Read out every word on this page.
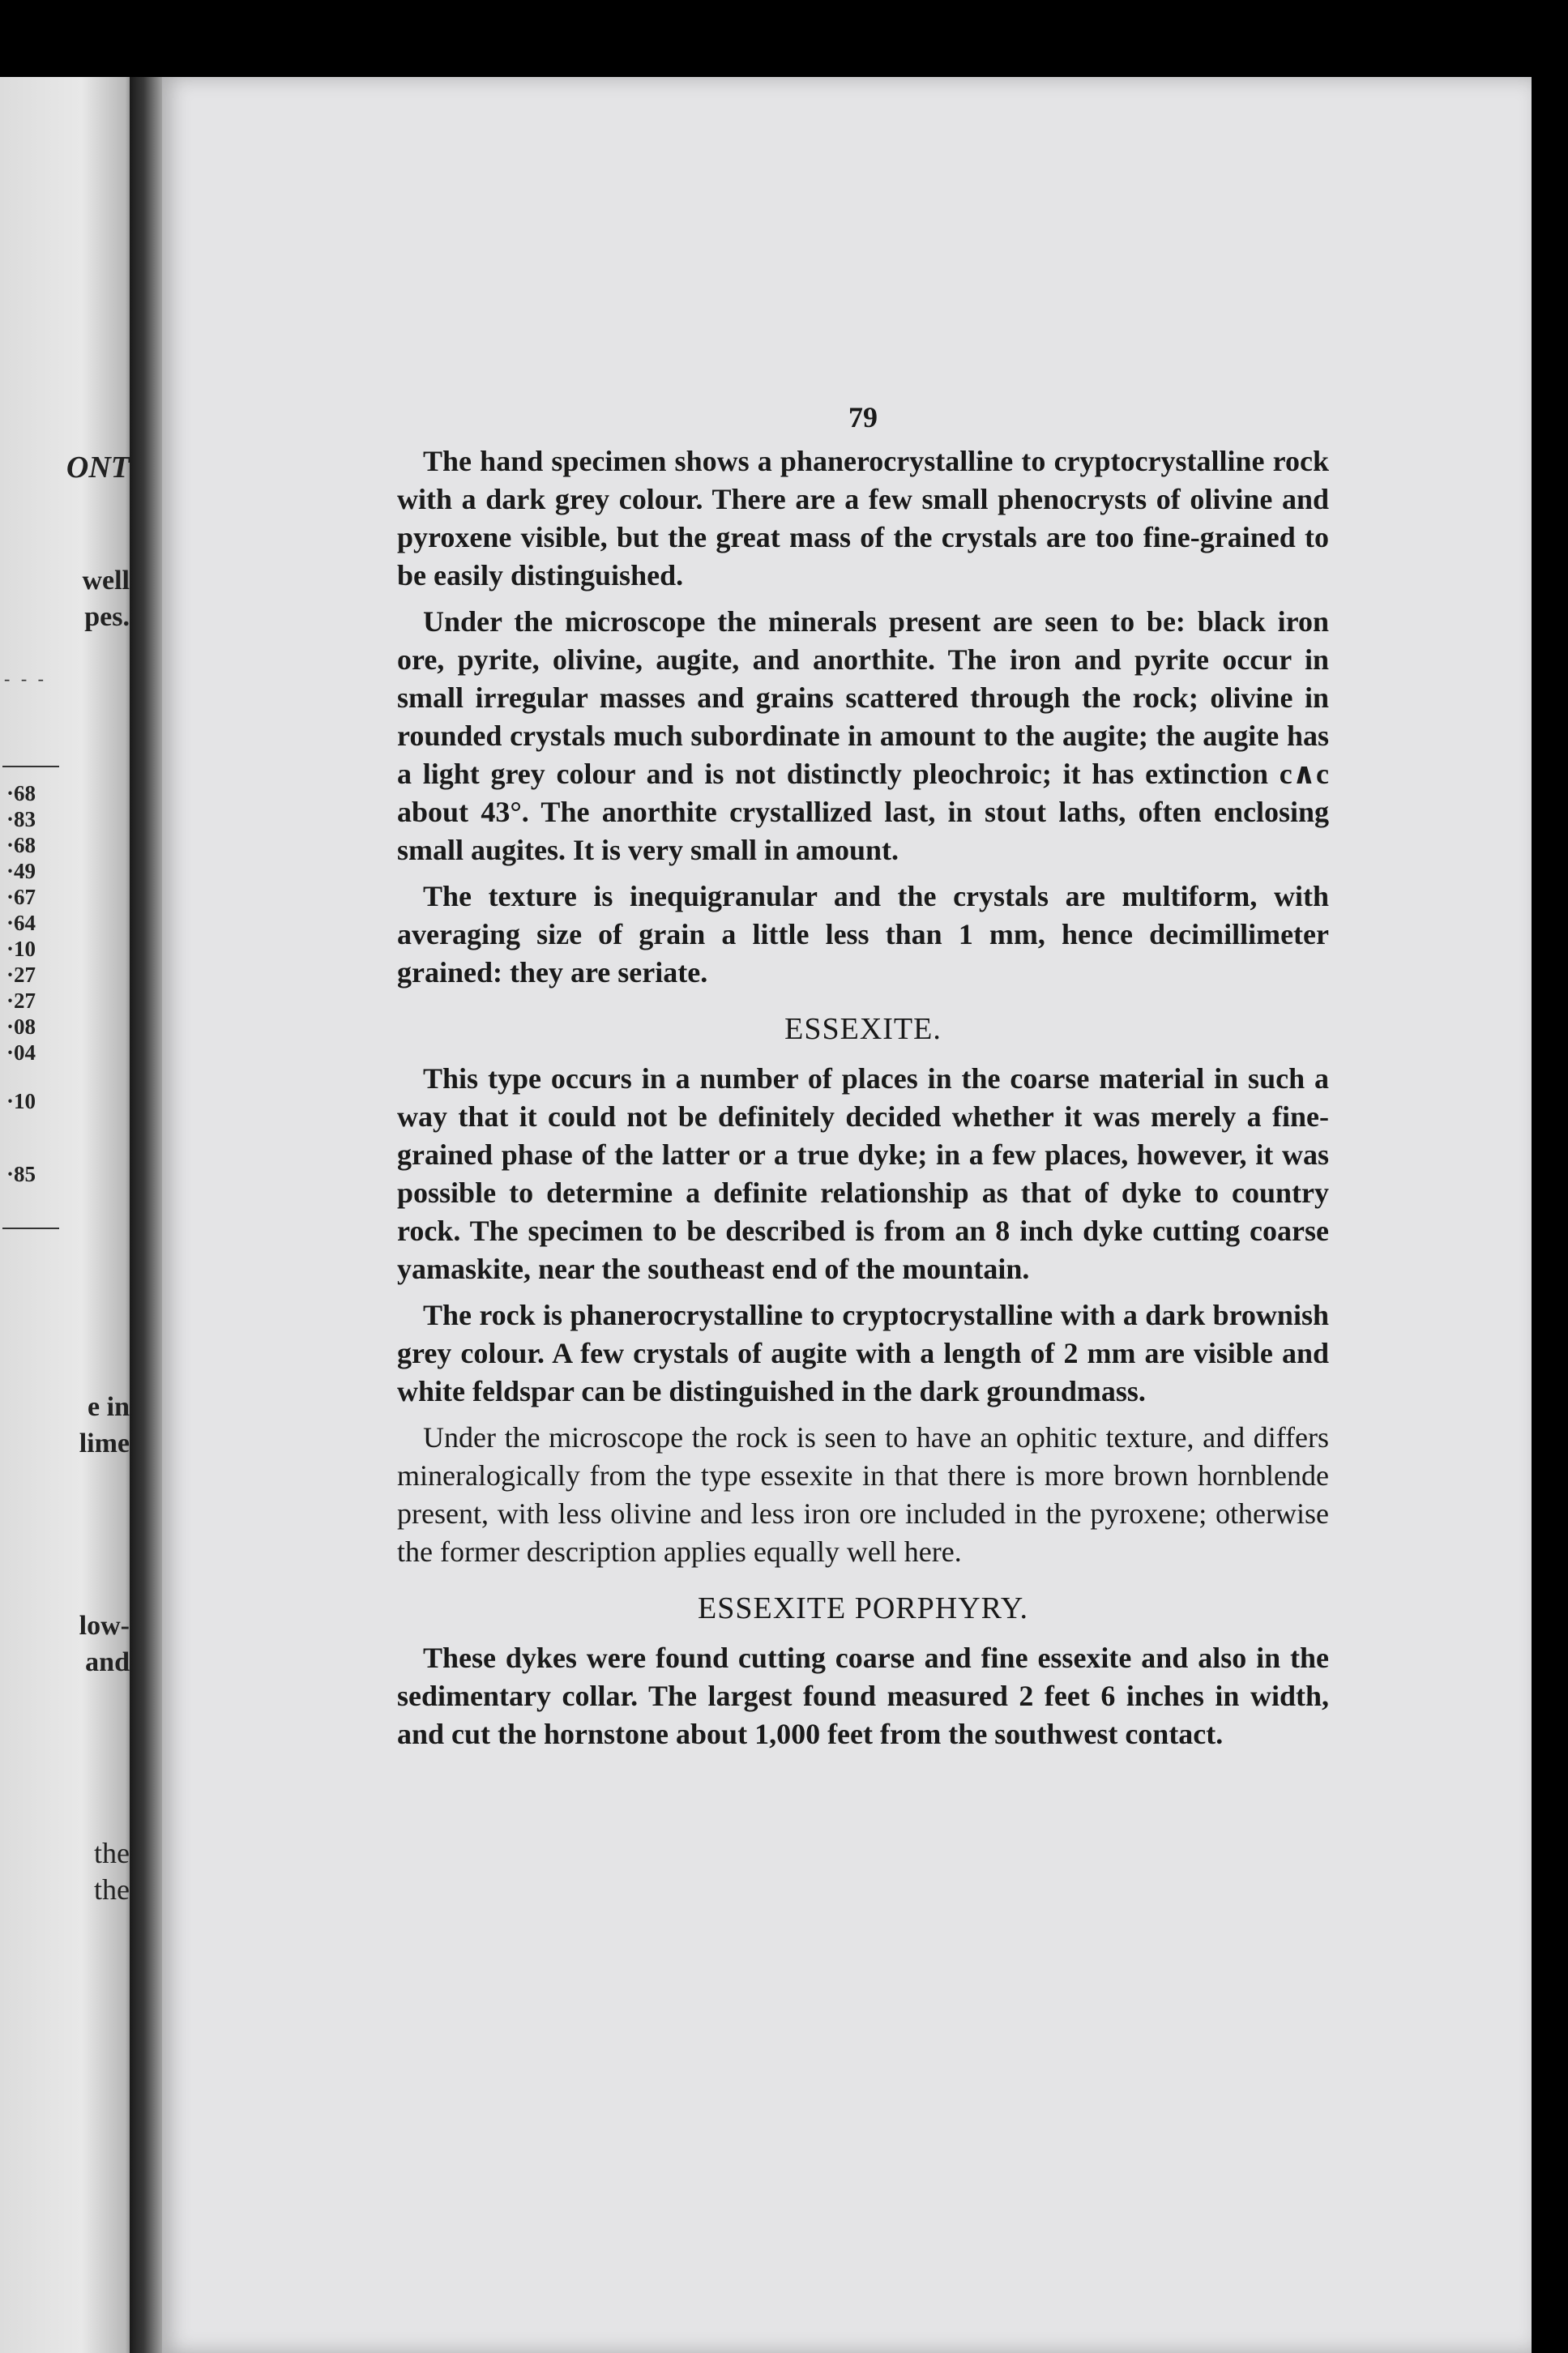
ONT
well
pes.
- - -
·68
·83
·68
·49
·67
·64
·10
·27
·27
·08
·04
·10
·85
e in
lime
low-
and
the
the
79

The hand specimen shows a phanerocrystalline to cryptocrystalline rock with a dark grey colour. There are a few small phenocrysts of olivine and pyroxene visible, but the great mass of the crystals are too fine-grained to be easily distinguished.

Under the microscope the minerals present are seen to be: black iron ore, pyrite, olivine, augite, and anorthite. The iron and pyrite occur in small irregular masses and grains scattered through the rock; olivine in rounded crystals much subordinate in amount to the augite; the augite has a light grey colour and is not distinctly pleochroic; it has extinction c∧c about 43°. The anorthite crystallized last, in stout laths, often enclosing small augites. It is very small in amount.

The texture is inequigranular and the crystals are multiform, with averaging size of grain a little less than 1 mm, hence decimillimeter grained: they are seriate.

ESSEXITE.

This type occurs in a number of places in the coarse material in such a way that it could not be definitely decided whether it was merely a fine-grained phase of the latter or a true dyke; in a few places, however, it was possible to determine a definite relationship as that of dyke to country rock. The specimen to be described is from an 8 inch dyke cutting coarse yamaskite, near the southeast end of the mountain.

The rock is phanerocrystalline to cryptocrystalline with a dark brownish grey colour. A few crystals of augite with a length of 2 mm are visible and white feldspar can be distinguished in the dark groundmass.

Under the microscope the rock is seen to have an ophitic texture, and differs mineralogically from the type essexite in that there is more brown hornblende present, with less olivine and less iron ore included in the pyroxene; otherwise the former description applies equally well here.

ESSEXITE PORPHYRY.

These dykes were found cutting coarse and fine essexite and also in the sedimentary collar. The largest found measured 2 feet 6 inches in width, and cut the hornstone about 1,000 feet from the southwest contact.
